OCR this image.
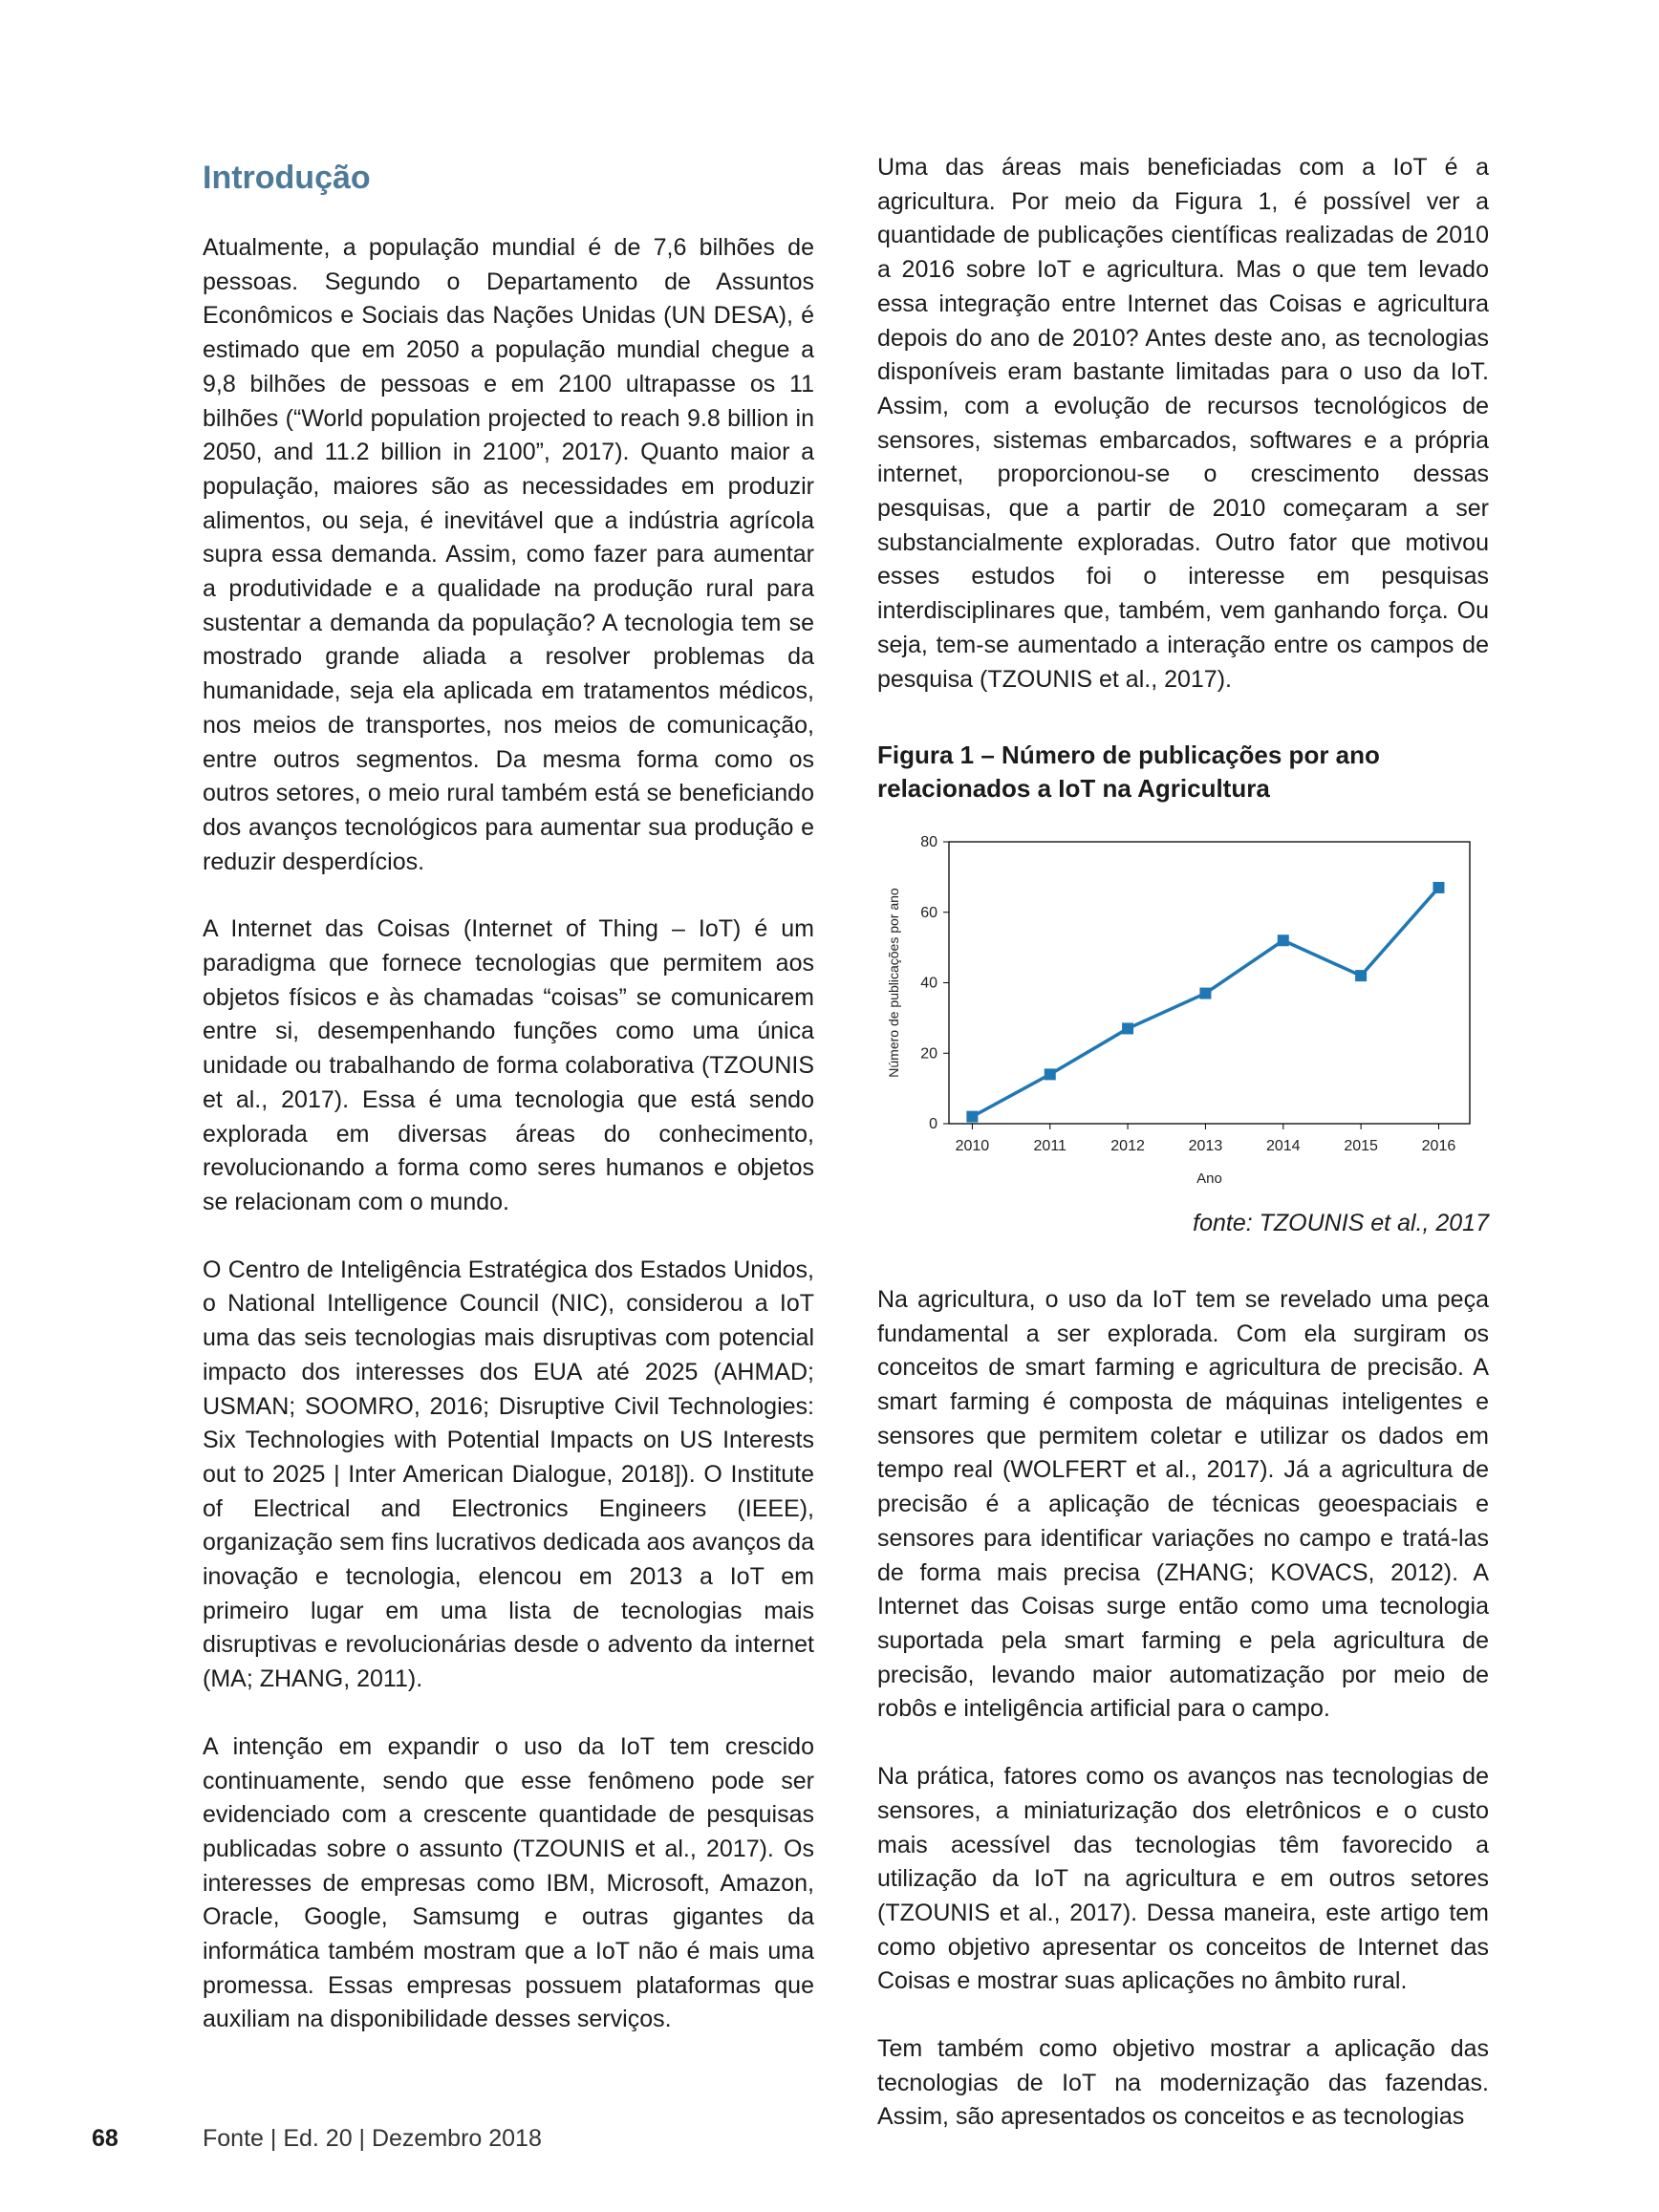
Introdução

Atualmente, a população mundial é de 7,6 bilhões de pessoas. Segundo o Departamento de Assuntos Econômicos e Sociais das Nações Unidas (UN DESA), é estimado que em 2050 a população mundial chegue a 9,8 bilhões de pessoas e em 2100 ultrapasse os 11 bilhões (“World population projected to reach 9.8 billion in 2050, and 11.2 billion in 2100”, 2017). Quanto maior a população, maiores são as necessidades em produzir alimentos, ou seja, é inevitável que a indústria agrícola supra essa demanda. Assim, como fazer para aumentar a produtividade e a qualidade na produção rural para sustentar a demanda da população? A tecnologia tem se mostrado grande aliada a resolver problemas da humanidade, seja ela aplicada em tratamentos médicos, nos meios de transportes, nos meios de comunicação, entre outros segmentos. Da mesma forma como os outros setores, o meio rural também está se beneficiando dos avanços tecnológicos para aumentar sua produção e reduzir desperdícios.

A Internet das Coisas (Internet of Thing – IoT) é um paradigma que fornece tecnologias que permitem aos objetos físicos e às chamadas “coisas” se comunicarem entre si, desempenhando funções como uma única unidade ou trabalhando de forma colaborativa (TZOUNIS et al., 2017). Essa é uma tecnologia que está sendo explorada em diversas áreas do conhecimento, revolucionando a forma como seres humanos e objetos se relacionam com o mundo.

O Centro de Inteligência Estratégica dos Estados Unidos, o National Intelligence Council (NIC), considerou a IoT uma das seis tecnologias mais disruptivas com potencial impacto dos interesses dos EUA até 2025 (AHMAD; USMAN; SOOMRO, 2016; Disruptive Civil Technologies: Six Technologies with Potential Impacts on US Interests out to 2025 | Inter American Dialogue, 2018]). O Institute of Electrical and Electronics Engineers (IEEE), organização sem fins lucrativos dedicada aos avanços da inovação e tecnologia, elencou em 2013 a IoT em primeiro lugar em uma lista de tecnologias mais disruptivas e revolucionárias desde o advento da internet (MA; ZHANG, 2011).

A intenção em expandir o uso da IoT tem crescido continuamente, sendo que esse fenômeno pode ser evidenciado com a crescente quantidade de pesquisas publicadas sobre o assunto (TZOUNIS et al., 2017). Os interesses de empresas como IBM, Microsoft, Amazon, Oracle, Google, Samsumg e outras gigantes da informática também mostram que a IoT não é mais uma promessa. Essas empresas possuem plataformas que auxiliam na disponibilidade desses serviços.

Uma das áreas mais beneficiadas com a IoT é a agricultura. Por meio da Figura 1, é possível ver a quantidade de publicações científicas realizadas de 2010 a 2016 sobre IoT e agricultura. Mas o que tem levado essa integração entre Internet das Coisas e agricultura depois do ano de 2010? Antes deste ano, as tecnologias disponíveis eram bastante limitadas para o uso da IoT. Assim, com a evolução de recursos tecnológicos de sensores, sistemas embarcados, softwares e a própria internet, proporcionou-se o crescimento dessas pesquisas, que a partir de 2010 começaram a ser substancialmente exploradas. Outro fator que motivou esses estudos foi o interesse em pesquisas interdisciplinares que, também, vem ganhando força. Ou seja, tem-se aumentado a interação entre os campos de pesquisa (TZOUNIS et al., 2017).

Figura 1 – Número de publicações por ano relacionados a IoT na Agricultura
0
20
40
60
80
2010	2011	2012	2013	2014	2015	2016
Ano
Número de publicações por ano
fonte: TZOUNIS et al., 2017

Na agricultura, o uso da IoT tem se revelado uma peça fundamental a ser explorada. Com ela surgiram os conceitos de smart farming e agricultura de precisão. A smart farming é composta de máquinas inteligentes e sensores que permitem coletar e utilizar os dados em tempo real (WOLFERT et al., 2017). Já a agricultura de precisão é a aplicação de técnicas geoespaciais e sensores para identificar variações no campo e tratá-las de forma mais precisa (ZHANG; KOVACS, 2012). A Internet das Coisas surge então como uma tecnologia suportada pela smart farming e pela agricultura de precisão, levando maior automatização por meio de robôs e inteligência artificial para o campo.

Na prática, fatores como os avanços nas tecnologias de sensores, a miniaturização dos eletrônicos e o custo mais acessível das tecnologias têm favorecido a utilização da IoT na agricultura e em outros setores (TZOUNIS et al., 2017). Dessa maneira, este artigo tem como objetivo apresentar os conceitos de Internet das Coisas e mostrar suas aplicações no âmbito rural.

Tem também como objetivo mostrar a aplicação das tecnologias de IoT na modernização das fazendas. Assim, são apresentados os conceitos e as tecnologias

68	Fonte | Ed. 20 | Dezembro 2018
